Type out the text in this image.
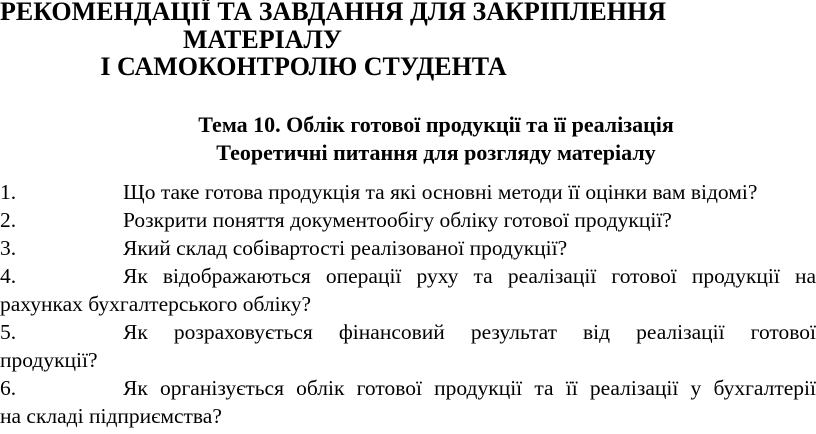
РЕКОМЕНДАЦІЇ ТА ЗАВДАННЯ ДЛЯ ЗАКРІПЛЕННЯ
МАТЕРІАЛУ
І САМОКОНТРОЛЮ СТУДЕНТА
Тема 10. Облік готової продукції та її реалізація
Теоретичні питання для розгляду матеріалу
1.	Що таке готова продукція та які основні методи її оцінки вам відомі?
2.	Розкрити поняття документообігу обліку готової продукції?
3.	Який склад собівартості реалізованої продукції?
4.	Як відображаються операції руху та реалізації готової продукції на
рахунках бухгалтерського обліку?
5.	Як розраховується фінансовий результат від реалізації готової
продукції?
6.	Як організується облік готової продукції та її реалізації у бухгалтерії
на складі підприємства?
